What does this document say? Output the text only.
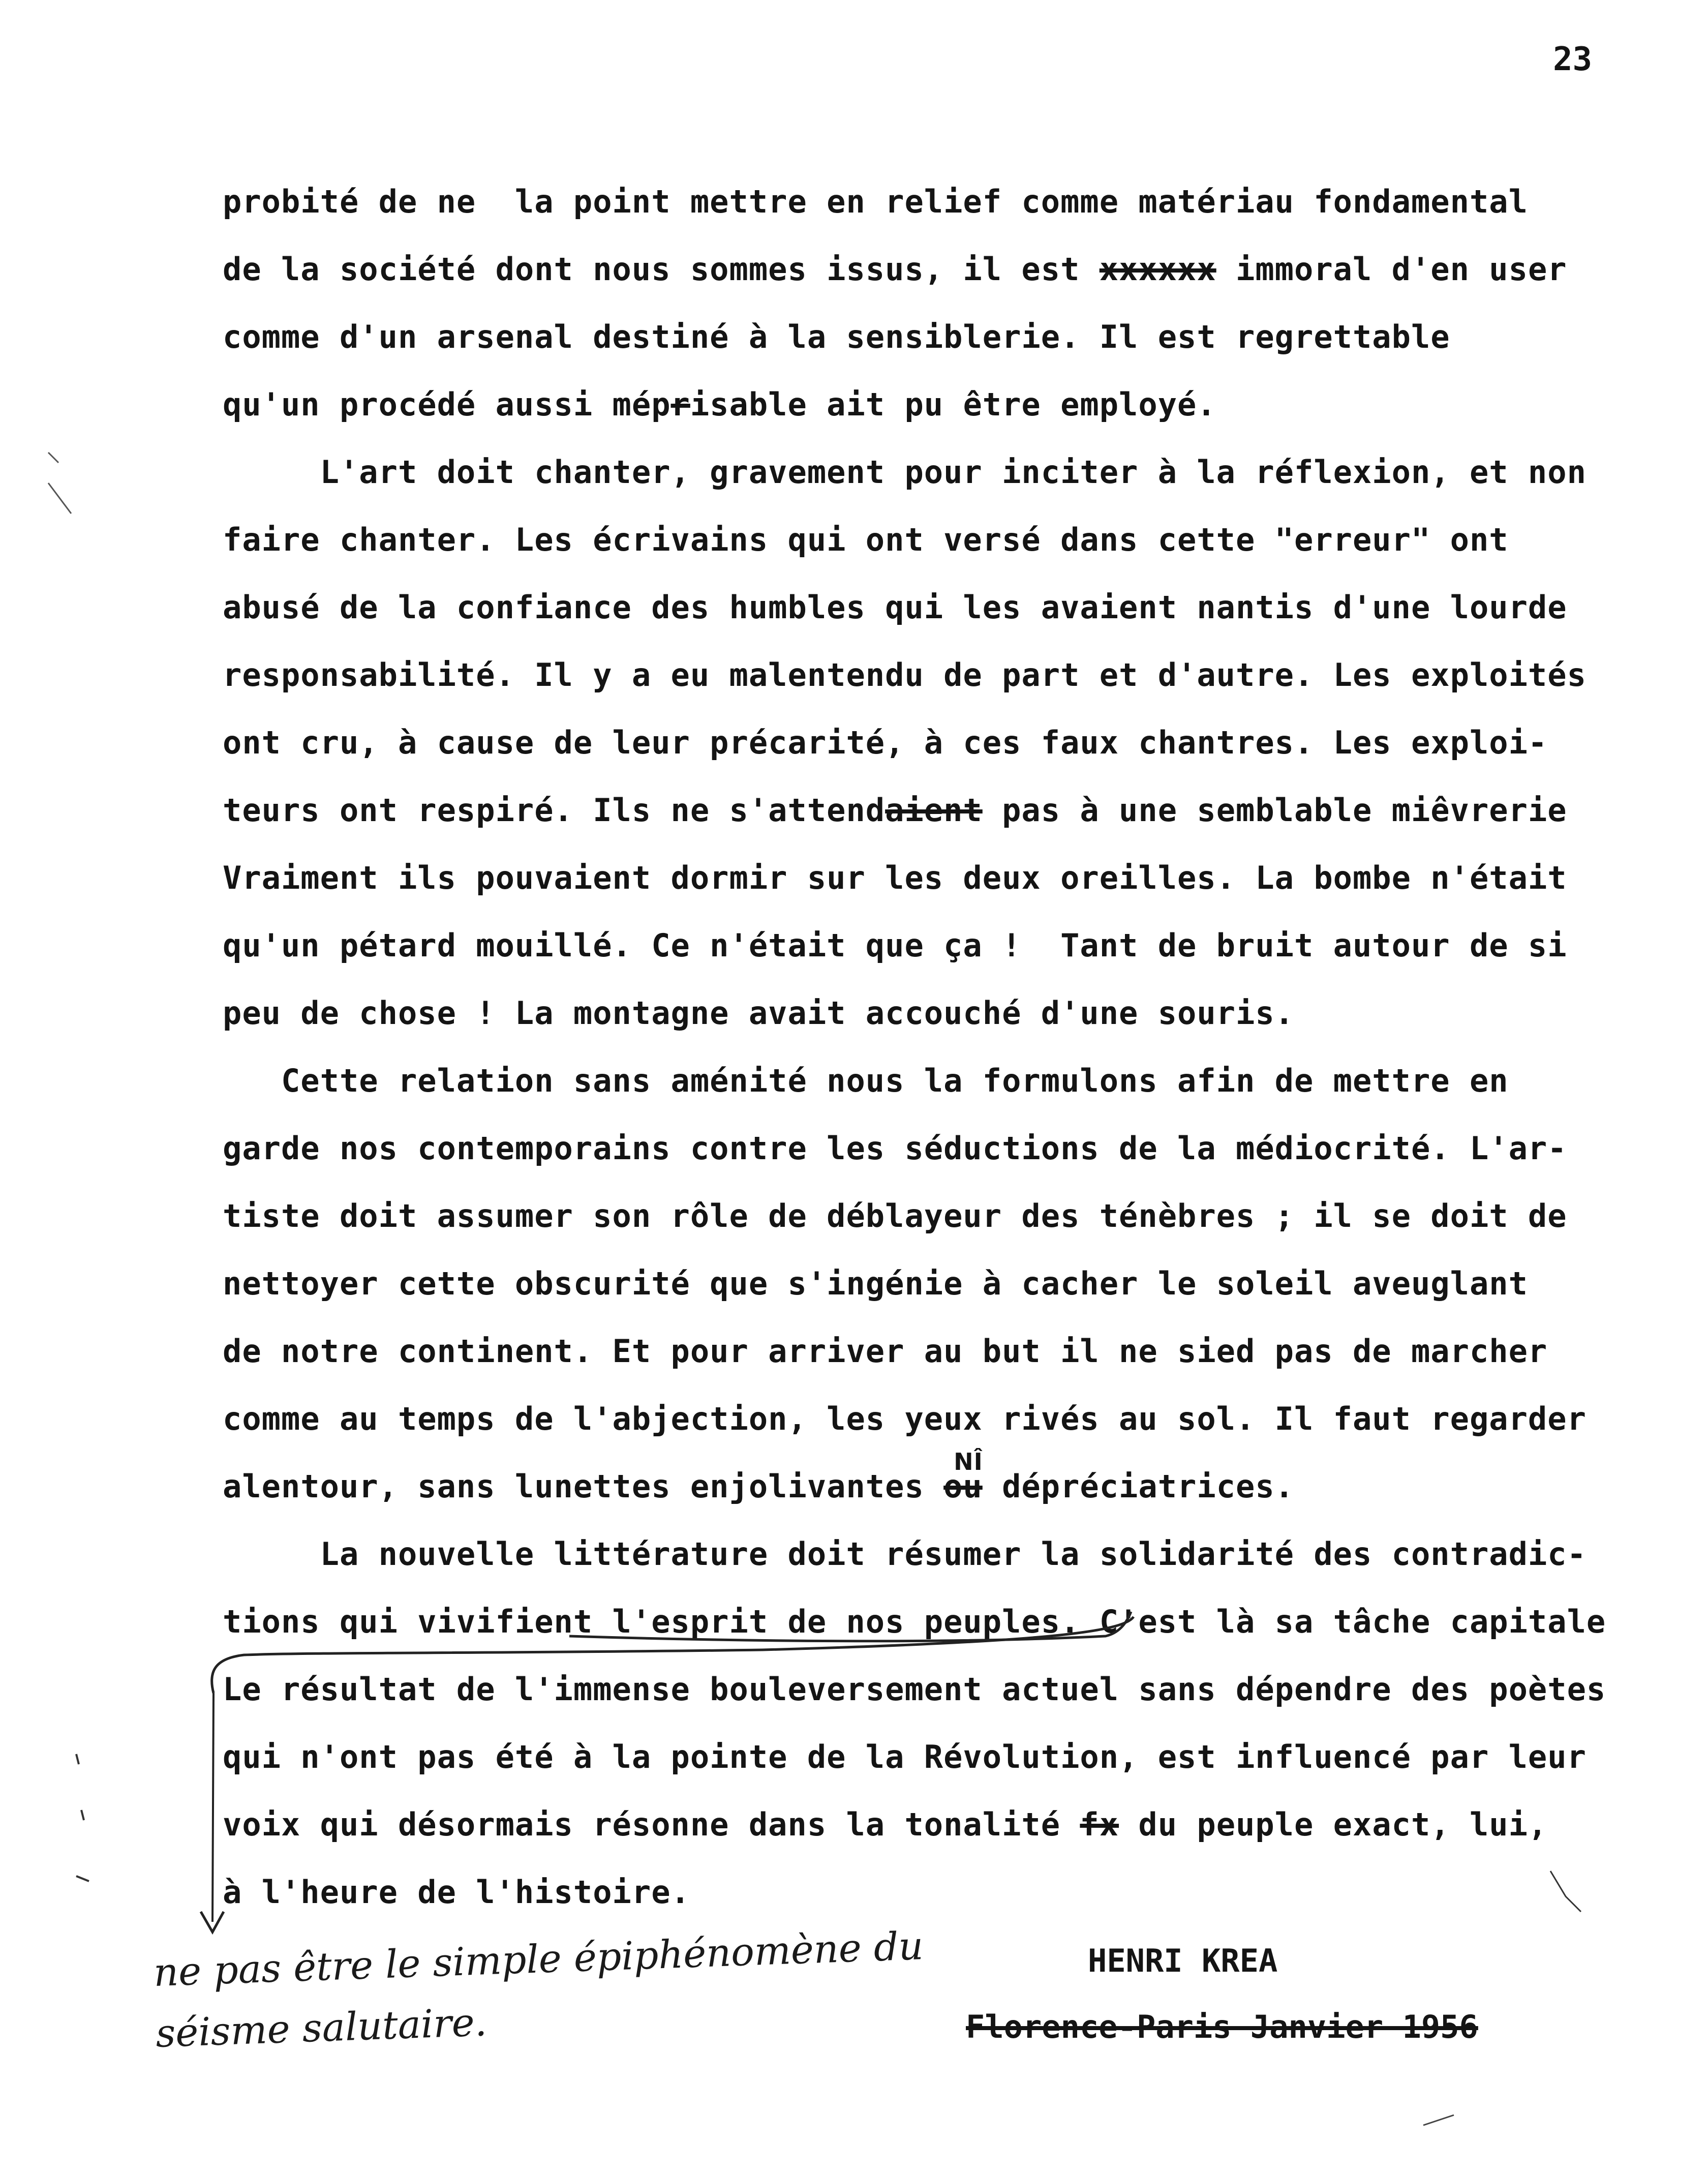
23
probité de ne  la point mettre en relief comme matériau fondamental
de la société dont nous sommes issus, il est xxxxxx immoral d'en user
comme d'un arsenal destiné à la sensiblerie. Il est regrettable
qu'un procédé aussi méprisable ait pu être employé.
L'art doit chanter, gravement pour inciter à la réflexion, et non
faire chanter. Les écrivains qui ont versé dans cette "erreur" ont
abusé de la confiance des humbles qui les avaient nantis d'une lourde
responsabilité. Il y a eu malentendu de part et d'autre. Les exploités
ont cru, à cause de leur précarité, à ces faux chantres. Les exploi-
teurs ont respiré. Ils ne s'attendaient pas à une semblable miêvrerie
Vraiment ils pouvaient dormir sur les deux oreilles. La bombe n'était
qu'un pétard mouillé. Ce n'était que ça !  Tant de bruit autour de si
peu de chose ! La montagne avait accouché d'une souris.
Cette relation sans aménité nous la formulons afin de mettre en
garde nos contemporains contre les séductions de la médiocrité. L'ar-
tiste doit assumer son rôle de déblayeur des ténèbres ; il se doit de
nettoyer cette obscurité que s'ingénie à cacher le soleil aveuglant
de notre continent. Et pour arriver au but il ne sied pas de marcher
comme au temps de l'abjection, les yeux rivés au sol. Il faut regarder
alentour, sans lunettes enjolivantes ou
NÎ
dépréciatrices.
La nouvelle littérature doit résumer la solidarité des contradic-
tions qui vivifient l'esprit de nos peuples. C'est là sa tâche capitale
Le résultat de l'immense bouleversement actuel sans dépendre des poètes
qui n'ont pas été à la pointe de la Révolution, est influencé par leur
voix qui désormais résonne dans la tonalité fx du peuple exact, lui,
à l'heure de l'histoire.
HENRI KREA
Florence-Paris Janvier 1956
ne pas être le simple épiphénomène du
séisme salutaire.
